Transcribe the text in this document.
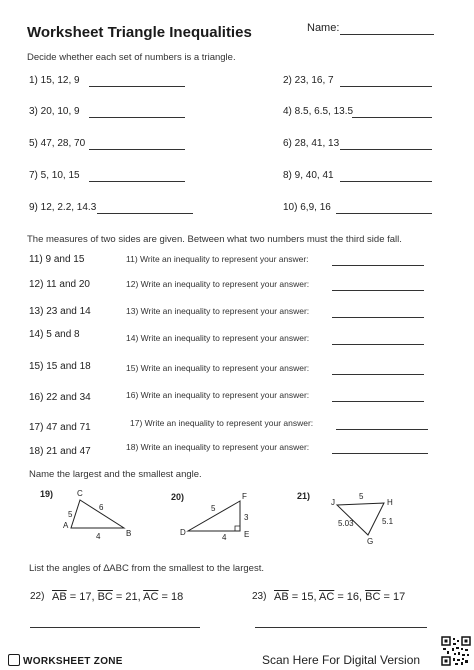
Worksheet Triangle Inequalities	Name:
Decide whether each set of numbers is a triangle.
1) 15, 12, 9	2) 23, 16, 7
3) 20, 10, 9	4) 8.5, 6.5, 13.5
5) 47, 28, 70	6) 28, 41, 13
7) 5, 10, 15	8) 9, 40, 41
9) 12, 2.2, 14.3	10) 6,9, 16
The measures of two sides are given. Between what two numbers must the third side fall.
11) 9 and 15	11) Write an inequality to represent your answer:
12) 11 and 20	12) Write an inequality to represent your answer:
13) 23 and 14	13) Write an inequality to represent your answer:
14) 5 and 8	14) Write an inequality to represent your answer:
15) 15 and 18	15) Write an inequality to represent your answer:
16) 22 and 34	16) Write an inequality to represent your answer:
17) 47 and 71	17) Write an inequality to represent your answer:
18) 21 and 47	18) Write an inequality to represent your answer:
Name the largest and the smallest angle.
19)	C
A
B
6
5
4
20)	F
D	E
5
3
4
21)
J	H
G
5
5.03	5.1
List the angles of ∆ABC from the smallest to the largest.
22) $\overline{AB} = 17$, $\overline{BC} = 21$, $\overline{AC} = 18$	23) $\overline{AB} = 15$, $\overline{AC} = 16$, $\overline{BC} = 17$
WORKSHEET ZONE	Scan Here For Digital Version
